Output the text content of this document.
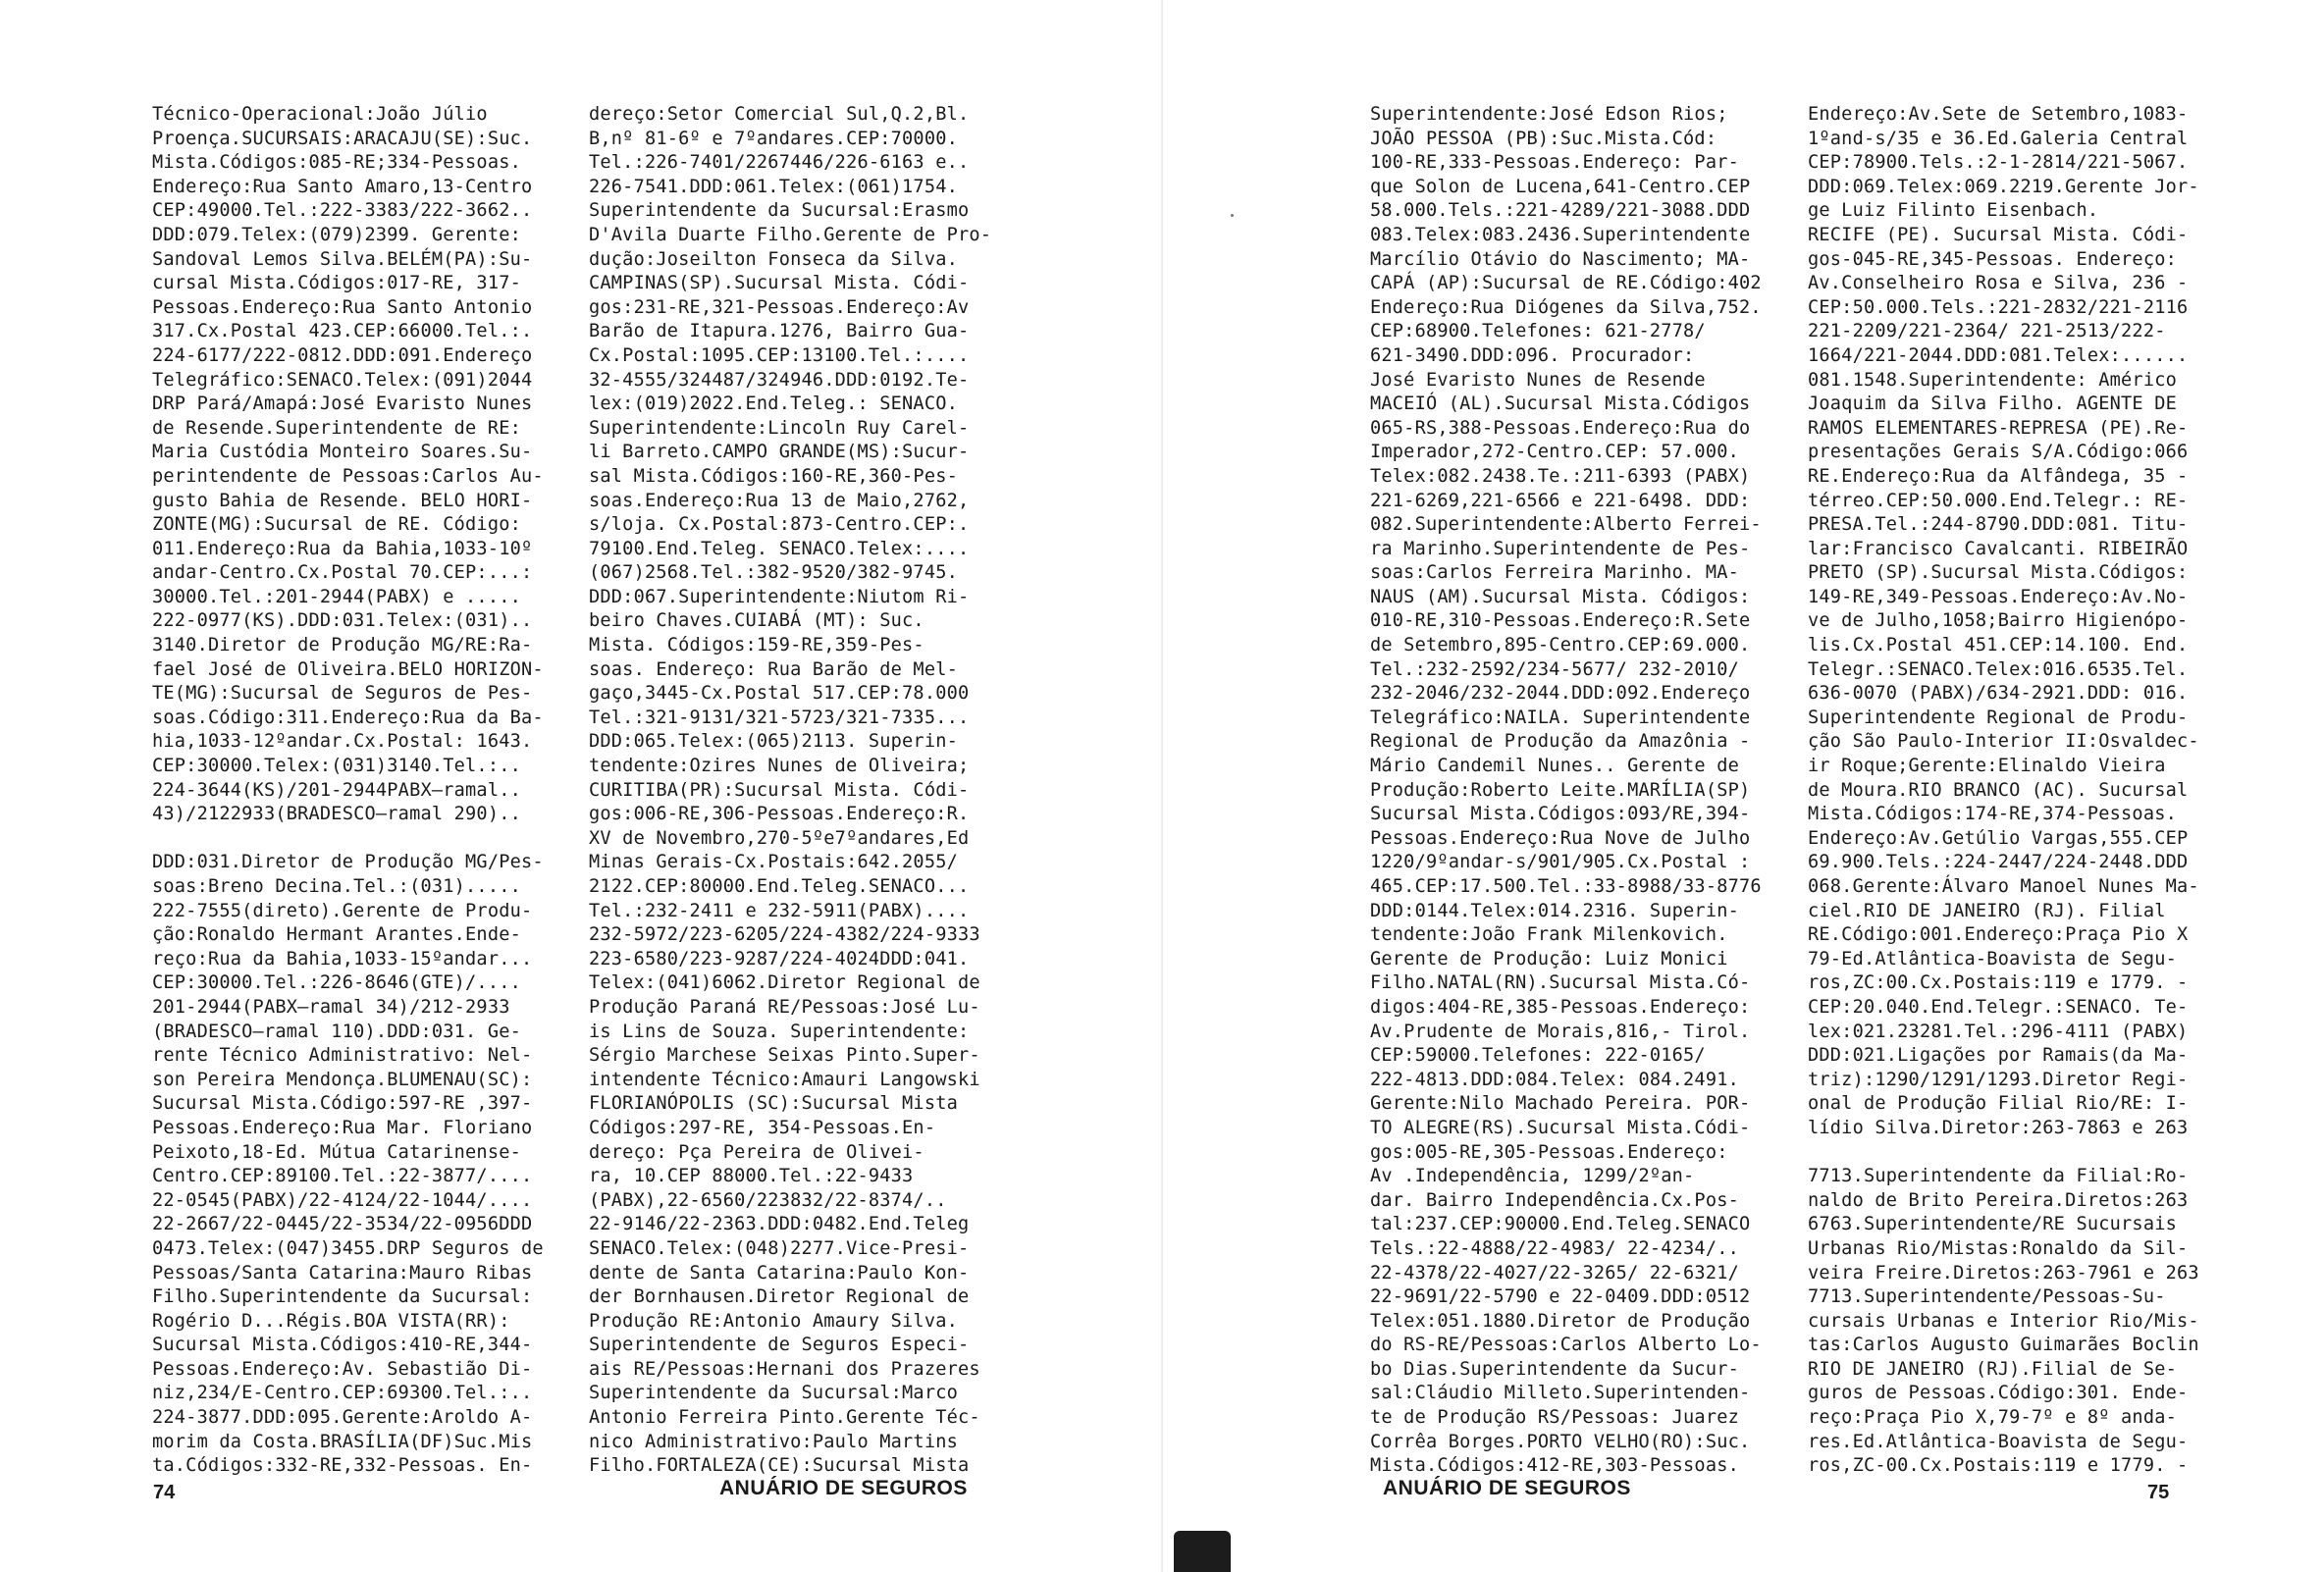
Técnico-Operacional:João Júlio
Proença.SUCURSAIS:ARACAJU(SE):Suc.
Mista.Códigos:085-RE;334-Pessoas.
Endereço:Rua Santo Amaro,13-Centro
CEP:49000.Tel.:222-3383/222-3662..
DDD:079.Telex:(079)2399. Gerente:
Sandoval Lemos Silva.BELÉM(PA):Su-
cursal Mista.Códigos:017-RE, 317-
Pessoas.Endereço:Rua Santo Antonio
317.Cx.Postal 423.CEP:66000.Tel.:.
224-6177/222-0812.DDD:091.Endereço
Telegráfico:SENACO.Telex:(091)2044
DRP Pará/Amapá:José Evaristo Nunes
de Resende.Superintendente de RE:
Maria Custódia Monteiro Soares.Su-
perintendente de Pessoas:Carlos Au-
gusto Bahia de Resende. BELO HORI-
ZONTE(MG):Sucursal de RE. Código:
011.Endereço:Rua da Bahia,1033-10º
andar-Centro.Cx.Postal 70.CEP:...:
30000.Tel.:201-2944(PABX) e .....
222-0977(KS).DDD:031.Telex:(031)..
3140.Diretor de Produção MG/RE:Ra-
fael José de Oliveira.BELO HORIZON-
TE(MG):Sucursal de Seguros de Pes-
soas.Código:311.Endereço:Rua da Ba-
hia,1033-12ºandar.Cx.Postal: 1643.
CEP:30000.Telex:(031)3140.Tel.:..
224-3644(KS)/201-2944PABX—ramal..
43)/2122933(BRADESCO—ramal 290)..
DDD:031.Diretor de Produção MG/Pes-
soas:Breno Decina.Tel.:(031).....
222-7555(direto).Gerente de Produ-
ção:Ronaldo Hermant Arantes.Ende-
reço:Rua da Bahia,1033-15ºandar...
CEP:30000.Tel.:226-8646(GTE)/....
201-2944(PABX—ramal 34)/212-2933
(BRADESCO—ramal 110).DDD:031. Ge-
rente Técnico Administrativo: Nel-
son Pereira Mendonça.BLUMENAU(SC):
Sucursal Mista.Código:597-RE ,397-
Pessoas.Endereço:Rua Mar. Floriano
Peixoto,18-Ed. Mútua Catarinense-
Centro.CEP:89100.Tel.:22-3877/....
22-0545(PABX)/22-4124/22-1044/....
22-2667/22-0445/22-3534/22-0956DDD
0473.Telex:(047)3455.DRP Seguros de
Pessoas/Santa Catarina:Mauro Ribas
Filho.Superintendente da Sucursal:
Rogério D...Régis.BOA VISTA(RR):
Sucursal Mista.Códigos:410-RE,344-
Pessoas.Endereço:Av. Sebastião Di-
niz,234/E-Centro.CEP:69300.Tel.:..
224-3877.DDD:095.Gerente:Aroldo A-
morim da Costa.BRASÍLIA(DF)Suc.Mis
ta.Códigos:332-RE,332-Pessoas. En-
dereço:Setor Comercial Sul,Q.2,Bl.
B,nº 81-6º e 7ºandares.CEP:70000.
Tel.:226-7401/2267446/226-6163 e..
226-7541.DDD:061.Telex:(061)1754.
Superintendente da Sucursal:Erasmo
D'Avila Duarte Filho.Gerente de Pro-
dução:Joseilton Fonseca da Silva.
CAMPINAS(SP).Sucursal Mista. Códi-
gos:231-RE,321-Pessoas.Endereço:Av
Barão de Itapura.1276, Bairro Gua-
Cx.Postal:1095.CEP:13100.Tel.:....
32-4555/324487/324946.DDD:0192.Te-
lex:(019)2022.End.Teleg.: SENACO.
Superintendente:Lincoln Ruy Carel-
li Barreto.CAMPO GRANDE(MS):Sucur-
sal Mista.Códigos:160-RE,360-Pes-
soas.Endereço:Rua 13 de Maio,2762,
s/loja. Cx.Postal:873-Centro.CEP:.
79100.End.Teleg. SENACO.Telex:....
(067)2568.Tel.:382-9520/382-9745.
DDD:067.Superintendente:Niutom Ri-
beiro Chaves.CUIABÁ (MT): Suc.
Mista. Códigos:159-RE,359-Pes-
soas. Endereço: Rua Barão de Mel-
gaço,3445-Cx.Postal 517.CEP:78.000
Tel.:321-9131/321-5723/321-7335...
DDD:065.Telex:(065)2113. Superin-
tendente:Ozires Nunes de Oliveira;
CURITIBA(PR):Sucursal Mista. Códi-
gos:006-RE,306-Pessoas.Endereço:R.
XV de Novembro,270-5ºe7ºandares,Ed
Minas Gerais-Cx.Postais:642.2055/
2122.CEP:80000.End.Teleg.SENACO...
Tel.:232-2411 e 232-5911(PABX)....
232-5972/223-6205/224-4382/224-9333
223-6580/223-9287/224-4024DDD:041.
Telex:(041)6062.Diretor Regional de
Produção Paraná RE/Pessoas:José Lu-
is Lins de Souza. Superintendente:
Sérgio Marchese Seixas Pinto.Super-
intendente Técnico:Amauri Langowski
FLORIANÓPOLIS (SC):Sucursal Mista
Códigos:297-RE, 354-Pessoas.En-
dereço: Pça Pereira de Olivei-
ra, 10.CEP 88000.Tel.:22-9433
(PABX),22-6560/223832/22-8374/..
22-9146/22-2363.DDD:0482.End.Teleg
SENACO.Telex:(048)2277.Vice-Presi-
dente de Santa Catarina:Paulo Kon-
der Bornhausen.Diretor Regional de
Produção RE:Antonio Amaury Silva.
Superintendente de Seguros Especi-
ais RE/Pessoas:Hernani dos Prazeres
Superintendente da Sucursal:Marco
Antonio Ferreira Pinto.Gerente Téc-
nico Administrativo:Paulo Martins
Filho.FORTALEZA(CE):Sucursal Mista
Superintendente:José Edson Rios;
JOÃO PESSOA (PB):Suc.Mista.Cód:
100-RE,333-Pessoas.Endereço: Par-
que Solon de Lucena,641-Centro.CEP
58.000.Tels.:221-4289/221-3088.DDD
083.Telex:083.2436.Superintendente
Marcílio Otávio do Nascimento; MA-
CAPÁ (AP):Sucursal de RE.Código:402
Endereço:Rua Diógenes da Silva,752.
CEP:68900.Telefones: 621-2778/
621-3490.DDD:096. Procurador:
José Evaristo Nunes de Resende
MACEIÓ (AL).Sucursal Mista.Códigos
065-RS,388-Pessoas.Endereço:Rua do
Imperador,272-Centro.CEP: 57.000.
Telex:082.2438.Te.:211-6393 (PABX)
221-6269,221-6566 e 221-6498. DDD:
082.Superintendente:Alberto Ferrei-
ra Marinho.Superintendente de Pes-
soas:Carlos Ferreira Marinho. MA-
NAUS (AM).Sucursal Mista. Códigos:
010-RE,310-Pessoas.Endereço:R.Sete
de Setembro,895-Centro.CEP:69.000.
Tel.:232-2592/234-5677/ 232-2010/
232-2046/232-2044.DDD:092.Endereço
Telegráfico:NAILA. Superintendente
Regional de Produção da Amazônia -
Mário Candemil Nunes.. Gerente de
Produção:Roberto Leite.MARÍLIA(SP)
Sucursal Mista.Códigos:093/RE,394-
Pessoas.Endereço:Rua Nove de Julho
1220/9ºandar-s/901/905.Cx.Postal :
465.CEP:17.500.Tel.:33-8988/33-8776
DDD:0144.Telex:014.2316. Superin-
tendente:João Frank Milenkovich.
Gerente de Produção: Luiz Monici
Filho.NATAL(RN).Sucursal Mista.Có-
digos:404-RE,385-Pessoas.Endereço:
Av.Prudente de Morais,816,- Tirol.
CEP:59000.Telefones: 222-0165/
222-4813.DDD:084.Telex: 084.2491.
Gerente:Nilo Machado Pereira. POR-
TO ALEGRE(RS).Sucursal Mista.Códi-
gos:005-RE,305-Pessoas.Endereço:
Av .Independência, 1299/2ºan-
dar. Bairro Independência.Cx.Pos-
tal:237.CEP:90000.End.Teleg.SENACO
Tels.:22-4888/22-4983/ 22-4234/..
22-4378/22-4027/22-3265/ 22-6321/
22-9691/22-5790 e 22-0409.DDD:0512
Telex:051.1880.Diretor de Produção
do RS-RE/Pessoas:Carlos Alberto Lo-
bo Dias.Superintendente da Sucur-
sal:Cláudio Milleto.Superintenden-
te de Produção RS/Pessoas: Juarez
Corrêa Borges.PORTO VELHO(RO):Suc.
Mista.Códigos:412-RE,303-Pessoas.
Endereço:Av.Sete de Setembro,1083-
1ºand-s/35 e 36.Ed.Galeria Central
CEP:78900.Tels.:2-1-2814/221-5067.
DDD:069.Telex:069.2219.Gerente Jor-
ge Luiz Filinto Eisenbach.
RECIFE (PE). Sucursal Mista. Códi-
gos-045-RE,345-Pessoas. Endereço:
Av.Conselheiro Rosa e Silva, 236 -
CEP:50.000.Tels.:221-2832/221-2116
221-2209/221-2364/ 221-2513/222-
1664/221-2044.DDD:081.Telex:......
081.1548.Superintendente: Américo
Joaquim da Silva Filho. AGENTE DE
RAMOS ELEMENTARES-REPRESA (PE).Re-
presentações Gerais S/A.Código:066
RE.Endereço:Rua da Alfândega, 35 -
térreo.CEP:50.000.End.Telegr.: RE-
PRESA.Tel.:244-8790.DDD:081. Titu-
lar:Francisco Cavalcanti. RIBEIRÃO
PRETO (SP).Sucursal Mista.Códigos:
149-RE,349-Pessoas.Endereço:Av.No-
ve de Julho,1058;Bairro Higienópo-
lis.Cx.Postal 451.CEP:14.100. End.
Telegr.:SENACO.Telex:016.6535.Tel.
636-0070 (PABX)/634-2921.DDD: 016.
Superintendente Regional de Produ-
ção São Paulo-Interior II:Osvaldec-
ir Roque;Gerente:Elinaldo Vieira
de Moura.RIO BRANCO (AC). Sucursal
Mista.Códigos:174-RE,374-Pessoas.
Endereço:Av.Getúlio Vargas,555.CEP
69.900.Tels.:224-2447/224-2448.DDD
068.Gerente:Álvaro Manoel Nunes Ma-
ciel.RIO DE JANEIRO (RJ). Filial
RE.Código:001.Endereço:Praça Pio X
79-Ed.Atlântica-Boavista de Segu-
ros,ZC:00.Cx.Postais:119 e 1779. -
CEP:20.040.End.Telegr.:SENACO. Te-
lex:021.23281.Tel.:296-4111 (PABX)
DDD:021.Ligações por Ramais(da Ma-
triz):1290/1291/1293.Diretor Regi-
onal de Produção Filial Rio/RE: I-
lídio Silva.Diretor:263-7863 e 263
7713.Superintendente da Filial:Ro-
naldo de Brito Pereira.Diretos:263
6763.Superintendente/RE Sucursais
Urbanas Rio/Mistas:Ronaldo da Sil-
veira Freire.Diretos:263-7961 e 263
7713.Superintendente/Pessoas-Su-
cursais Urbanas e Interior Rio/Mis-
tas:Carlos Augusto Guimarães Boclin
RIO DE JANEIRO (RJ).Filial de Se-
guros de Pessoas.Código:301. Ende-
reço:Praça Pio X,79-7º e 8º anda-
res.Ed.Atlântica-Boavista de Segu-
ros,ZC-00.Cx.Postais:119 e 1779. -
74	ANUÁRIO DE SEGUROS	ANUÁRIO DE SEGUROS	75
